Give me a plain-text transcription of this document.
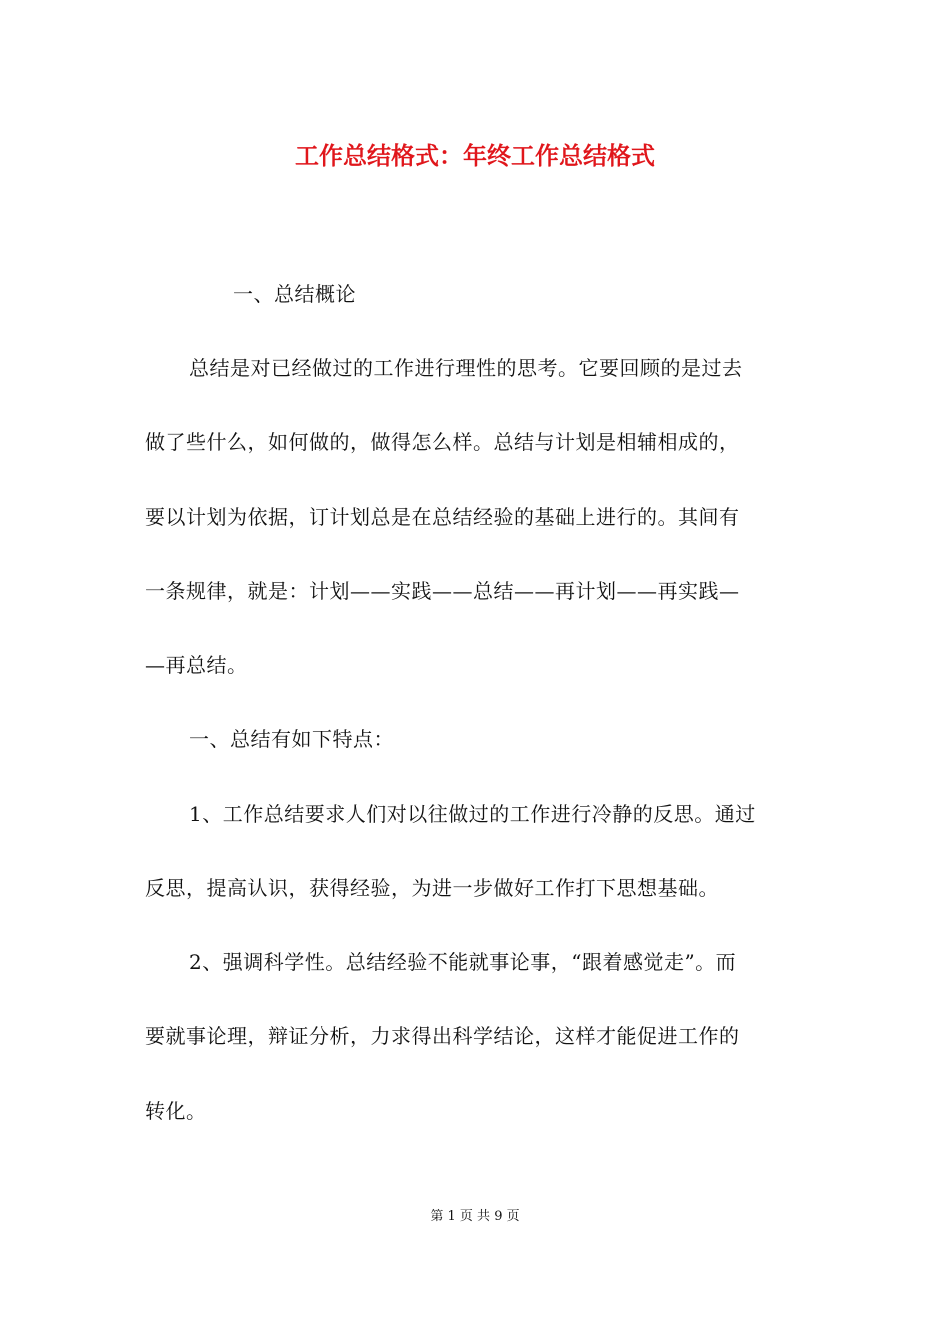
工作总结格式：年终工作总结格式
一、总结概论
总结是对已经做过的工作进行理性的思考。它要回顾的是过去
做了些什么，如何做的，做得怎么样。总结与计划是相辅相成的，
要以计划为依据，订计划总是在总结经验的基础上进行的。其间有
一条规律，就是：计划——实践——总结——再计划——再实践—
—再总结。
一、总结有如下特点：
1、工作总结要求人们对以往做过的工作进行冷静的反思。通过
反思，提高认识，获得经验，为进一步做好工作打下思想基础。
2、强调科学性。总结经验不能就事论事，“跟着感觉走”。而
要就事论理，辩证分析，力求得出科学结论，这样才能促进工作的
转化。
第 1 页 共 9 页
